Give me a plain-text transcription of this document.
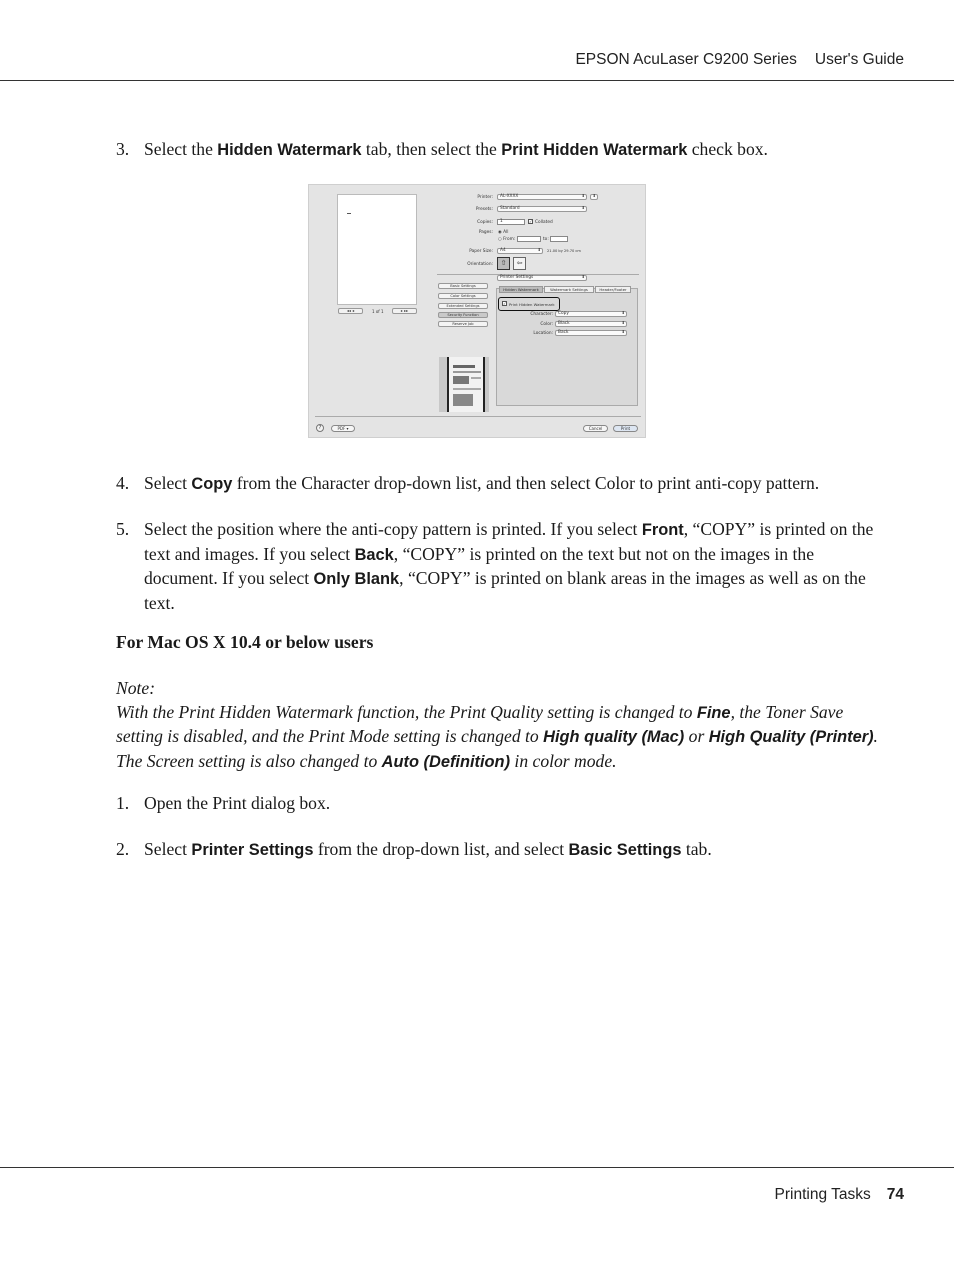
EPSON AcuLaser C9200 Series User's Guide
3. Select the Hidden Watermark tab, then select the Print Hidden Watermark check box.
◂◂ ◂	1 of 1	▸ ▸▸
Printer:	AL-XXXX ⬍
⬍
Presets:	Standard ⬍
Copies:	1	✓ Collated
Pages: ◉ All
○ From:	to:
Paper Size:	A4 ⬍	21.00 by 29.70 cm
Orientation:	⇧	⇦
Printer Settings ⬍
Basic Settings
Color Settings
Extended Settings
Security Function
Reserve Job
Hidden Watermark	Watermark Settings	Header/Footer
✓ Print Hidden Watermark
Character:	Copy ⬍
Color:	Black ⬍
Location:	Back ⬍
?	PDF ▾	Cancel	Print
4. Select Copy from the Character drop-down list, and then select Color to print anti-copy pattern.
5. Select the position where the anti-copy pattern is printed. If you select Front, “COPY” is printed on the text and images. If you select Back, “COPY” is printed on the text but not on the images in the document. If you select Only Blank, “COPY” is printed on blank areas in the images as well as on the text.
For Mac OS X 10.4 or below users
Note:
With the Print Hidden Watermark function, the Print Quality setting is changed to Fine, the Toner Save setting is disabled, and the Print Mode setting is changed to High quality (Mac) or High Quality (Printer). The Screen setting is also changed to Auto (Definition) in color mode.
1. Open the Print dialog box.
2. Select Printer Settings from the drop-down list, and select Basic Settings tab.
Printing Tasks 74
